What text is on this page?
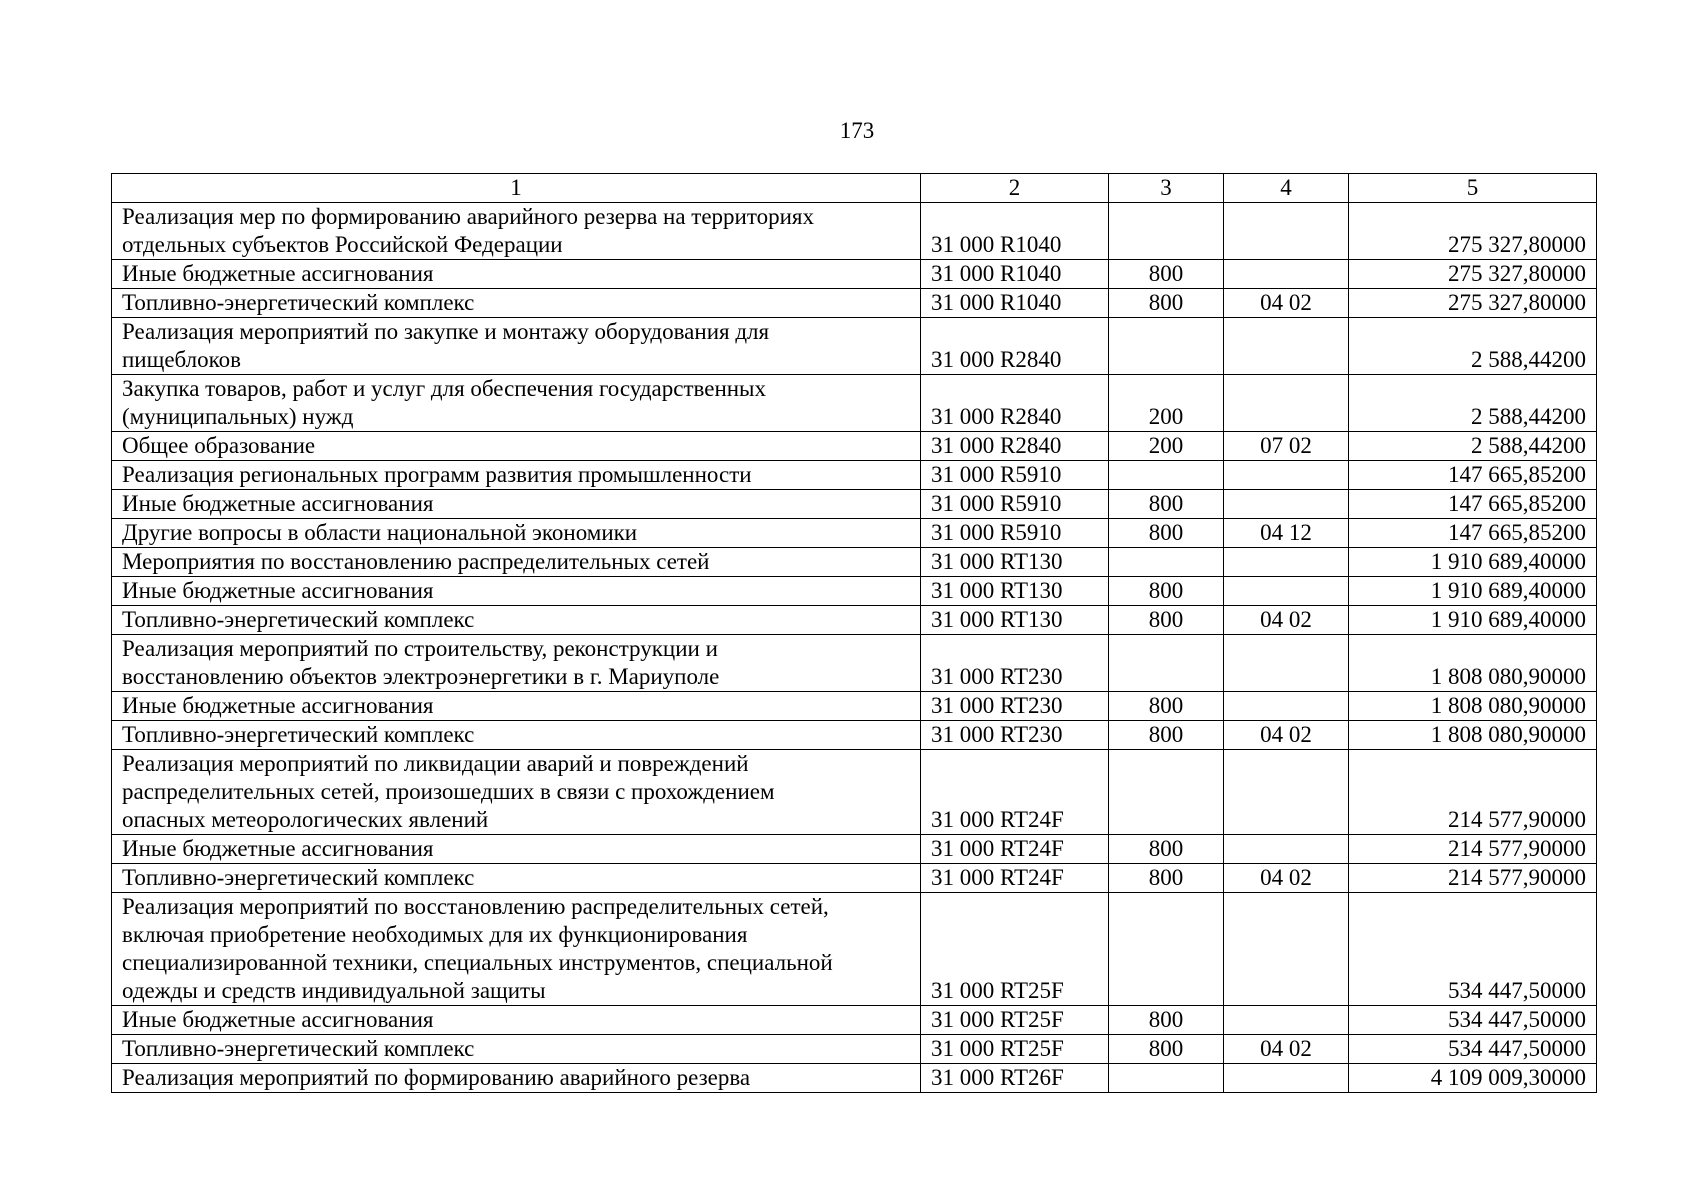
173
1	2	3	4	5
Реализация мер по формированию аварийного резерва на территориях
отдельных субъектов Российской Федерации	31 000 R1040			275 327,80000
Иные бюджетные ассигнования	31 000 R1040	800		275 327,80000
Топливно-энергетический комплекс	31 000 R1040	800	04 02	275 327,80000
Реализация мероприятий по закупке и монтажу оборудования для
пищеблоков	31 000 R2840			2 588,44200
Закупка товаров, работ и услуг для обеспечения государственных
(муниципальных) нужд	31 000 R2840	200		2 588,44200
Общее образование	31 000 R2840	200	07 02	2 588,44200
Реализация региональных программ развития промышленности	31 000 R5910			147 665,85200
Иные бюджетные ассигнования	31 000 R5910	800		147 665,85200
Другие вопросы в области национальной экономики	31 000 R5910	800	04 12	147 665,85200
Мероприятия по восстановлению распределительных сетей	31 000 RT130			1 910 689,40000
Иные бюджетные ассигнования	31 000 RT130	800		1 910 689,40000
Топливно-энергетический комплекс	31 000 RT130	800	04 02	1 910 689,40000
Реализация мероприятий по строительству, реконструкции и
восстановлению объектов электроэнергетики в г. Мариуполе	31 000 RT230			1 808 080,90000
Иные бюджетные ассигнования	31 000 RT230	800		1 808 080,90000
Топливно-энергетический комплекс	31 000 RT230	800	04 02	1 808 080,90000
Реализация мероприятий по ликвидации аварий и повреждений
распределительных сетей, произошедших в связи с прохождением
опасных метеорологических явлений	31 000 RT24F			214 577,90000
Иные бюджетные ассигнования	31 000 RT24F	800		214 577,90000
Топливно-энергетический комплекс	31 000 RT24F	800	04 02	214 577,90000
Реализация мероприятий по восстановлению распределительных сетей,
включая приобретение необходимых для их функционирования
специализированной техники, специальных инструментов, специальной
одежды и средств индивидуальной защиты	31 000 RT25F			534 447,50000
Иные бюджетные ассигнования	31 000 RT25F	800		534 447,50000
Топливно-энергетический комплекс	31 000 RT25F	800	04 02	534 447,50000
Реализация мероприятий по формированию аварийного резерва	31 000 RT26F			4 109 009,30000
